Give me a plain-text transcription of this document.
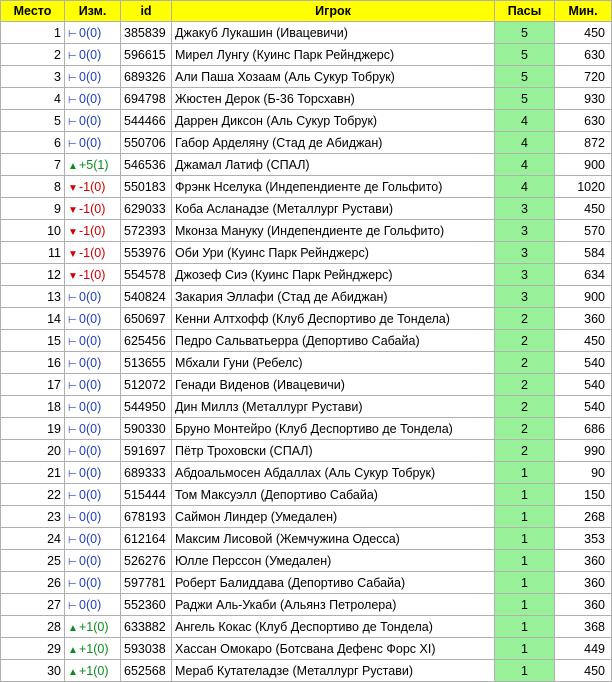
Место	Изм.	id	Игрок	Пасы	Мин.
1	⊢ 0(0)	385839	Джакуб Лукашин (Ивацевичи)	5	450
2	⊢ 0(0)	596615	Мирел Лунгу (Куинс Парк Рейнджерс)	5	630
3	⊢ 0(0)	689326	Али Паша Хозаам (Аль Сукур Тобрук)	5	720
4	⊢ 0(0)	694798	Жюстен Дерок (Б-36 Торсхавн)	5	930
5	⊢ 0(0)	544466	Даррен Диксон (Аль Сукур Тобрук)	4	630
6	⊢ 0(0)	550706	Габор Арделяну (Стад де Абиджан)	4	872
7	▲+5(1)	546536	Джамал Латиф (СПАЛ)	4	900
8	▼-1(0)	550183	Фрэнк Нселука (Индепендиенте де Гольфито)	4	1020
9	▼-1(0)	629033	Коба Асланадзе (Металлург Рустави)	3	450
10	▼-1(0)	572393	Мконза Мануку (Индепендиенте де Гольфито)	3	570
11	▼-1(0)	553976	Оби Ури (Куинс Парк Рейнджерс)	3	584
12	▼-1(0)	554578	Джозеф Сиэ (Куинс Парк Рейнджерс)	3	634
13	⊢ 0(0)	540824	Закария Эллафи (Стад де Абиджан)	3	900
14	⊢ 0(0)	650697	Кенни Алтхофф (Клуб Деспортиво де Тондела)	2	360
15	⊢ 0(0)	625456	Педро Сальватьерра (Депортиво Сабайа)	2	450
16	⊢ 0(0)	513655	Мбхали Гуни (Ребелс)	2	540
17	⊢ 0(0)	512072	Генади Виденов (Ивацевичи)	2	540
18	⊢ 0(0)	544950	Дин Миллз (Металлург Рустави)	2	540
19	⊢ 0(0)	590330	Бруно Монтейро (Клуб Деспортиво де Тондела)	2	686
20	⊢ 0(0)	591697	Пётр Троховски (СПАЛ)	2	990
21	⊢ 0(0)	689333	Абдоальмосен Абдаллах (Аль Сукур Тобрук)	1	90
22	⊢ 0(0)	515444	Том Максуэлл (Депортиво Сабайа)	1	150
23	⊢ 0(0)	678193	Саймон Линдер (Умедален)	1	268
24	⊢ 0(0)	612164	Максим Лисовой (Жемчужина Одесса)	1	353
25	⊢ 0(0)	526276	Юлле Перссон (Умедален)	1	360
26	⊢ 0(0)	597781	Роберт Балиддава (Депортиво Сабайа)	1	360
27	⊢ 0(0)	552360	Раджи Аль-Укаби (Альянз Петролера)	1	360
28	▲+1(0)	633882	Ангель Кокас (Клуб Деспортиво де Тондела)	1	368
29	▲+1(0)	593038	Хассан Омокаро (Ботсвана Дефенс Форс XI)	1	449
30	▲+1(0)	652568	Мераб Кутателадзе (Металлург Рустави)	1	450
